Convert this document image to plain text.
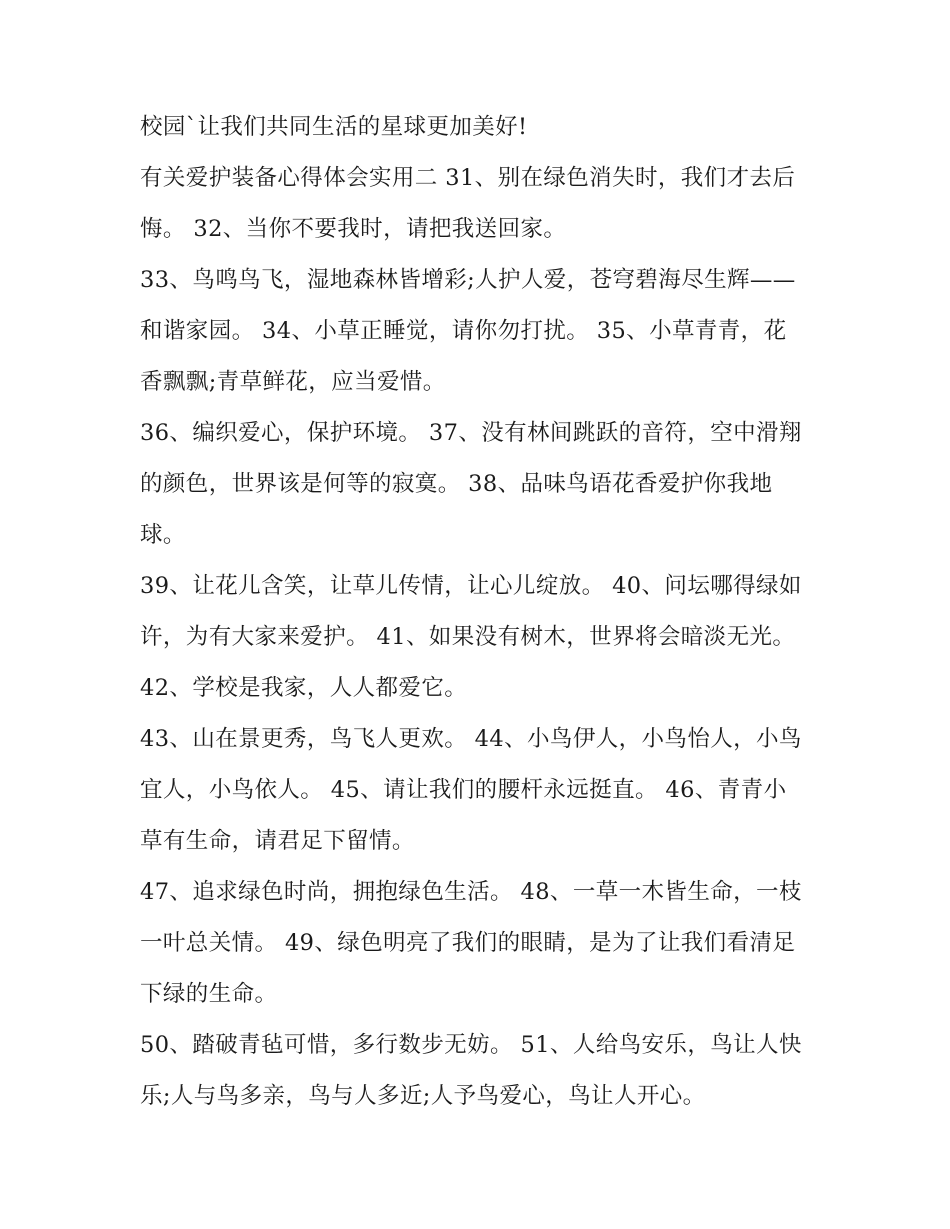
校园`让我们共同生活的星球更加美好!

有关爱护装备心得体会实用二 31、别在绿色消失时，我们才去后悔。 32、当你不要我时，请把我送回家。

33、鸟鸣鸟飞，湿地森林皆增彩;人护人爱，苍穹碧海尽生辉——和谐家园。 34、小草正睡觉，请你勿打扰。 35、小草青青，花香飘飘;青草鲜花，应当爱惜。

36、编织爱心，保护环境。 37、没有林间跳跃的音符，空中滑翔的颜色，世界该是何等的寂寞。 38、品味鸟语花香爱护你我地球。

39、让花儿含笑，让草儿传情，让心儿绽放。 40、问坛哪得绿如许，为有大家来爱护。 41、如果没有树木，世界将会暗淡无光。 42、学校是我家，人人都爱它。

43、山在景更秀，鸟飞人更欢。 44、小鸟伊人，小鸟怡人，小鸟宜人，小鸟依人。 45、请让我们的腰杆永远挺直。 46、青青小草有生命，请君足下留情。

47、追求绿色时尚，拥抱绿色生活。 48、一草一木皆生命，一枝一叶总关情。 49、绿色明亮了我们的眼睛，是为了让我们看清足下绿的生命。

50、踏破青毡可惜，多行数步无妨。 51、人给鸟安乐，鸟让人快乐;人与鸟多亲，鸟与人多近;人予鸟爱心，鸟让人开心。
